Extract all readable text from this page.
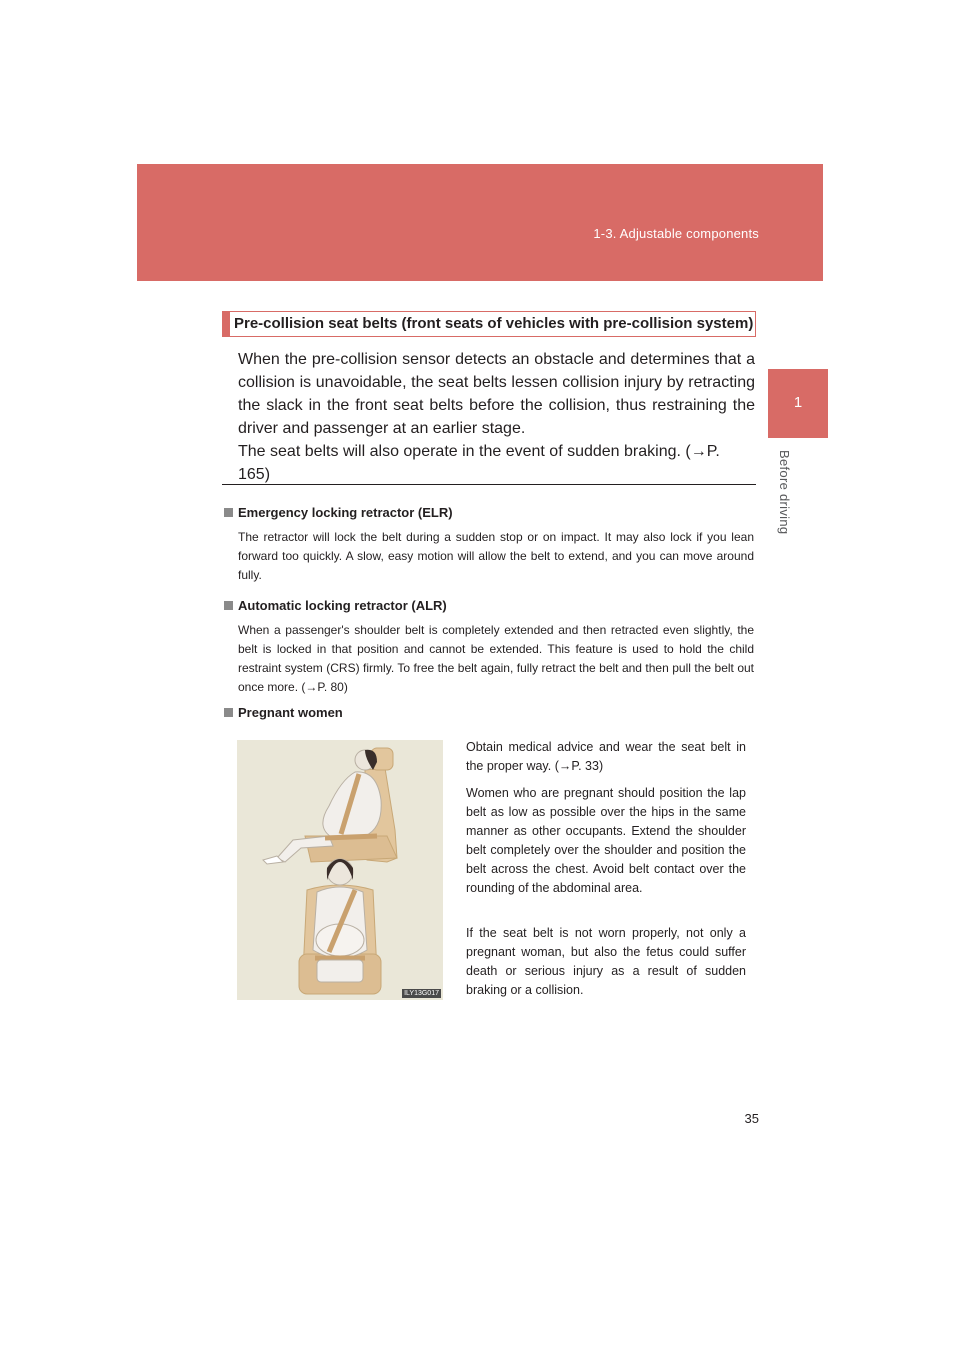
1-3. Adjustable components
1
Before driving
Pre-collision seat belts (front seats of vehicles with pre-collision system)

When the pre-collision sensor detects an obstacle and determines that a collision is unavoidable, the seat belts lessen collision injury by retracting the slack in the front seat belts before the collision, thus restraining the driver and passenger at an earlier stage.

The seat belts will also operate in the event of sudden braking. (→P. 165)

Emergency locking retractor (ELR)

The retractor will lock the belt during a sudden stop or on impact. It may also lock if you lean forward too quickly. A slow, easy motion will allow the belt to extend, and you can move around fully.

Automatic locking retractor (ALR)

When a passenger's shoulder belt is completely extended and then retracted even slightly, the belt is locked in that position and cannot be extended. This feature is used to hold the child restraint system (CRS) firmly. To free the belt again, fully retract the belt and then pull the belt out once more. (→P. 80)

Pregnant women
ILY13G017

Obtain medical advice and wear the seat belt in the proper way. (→P. 33)

Women who are pregnant should position the lap belt as low as possible over the hips in the same manner as other occupants. Extend the shoulder belt completely over the shoulder and position the belt across the chest. Avoid belt contact over the rounding of the abdominal area.

If the seat belt is not worn properly, not only a pregnant woman, but also the fetus could suffer death or serious injury as a result of sudden braking or a collision.

35
